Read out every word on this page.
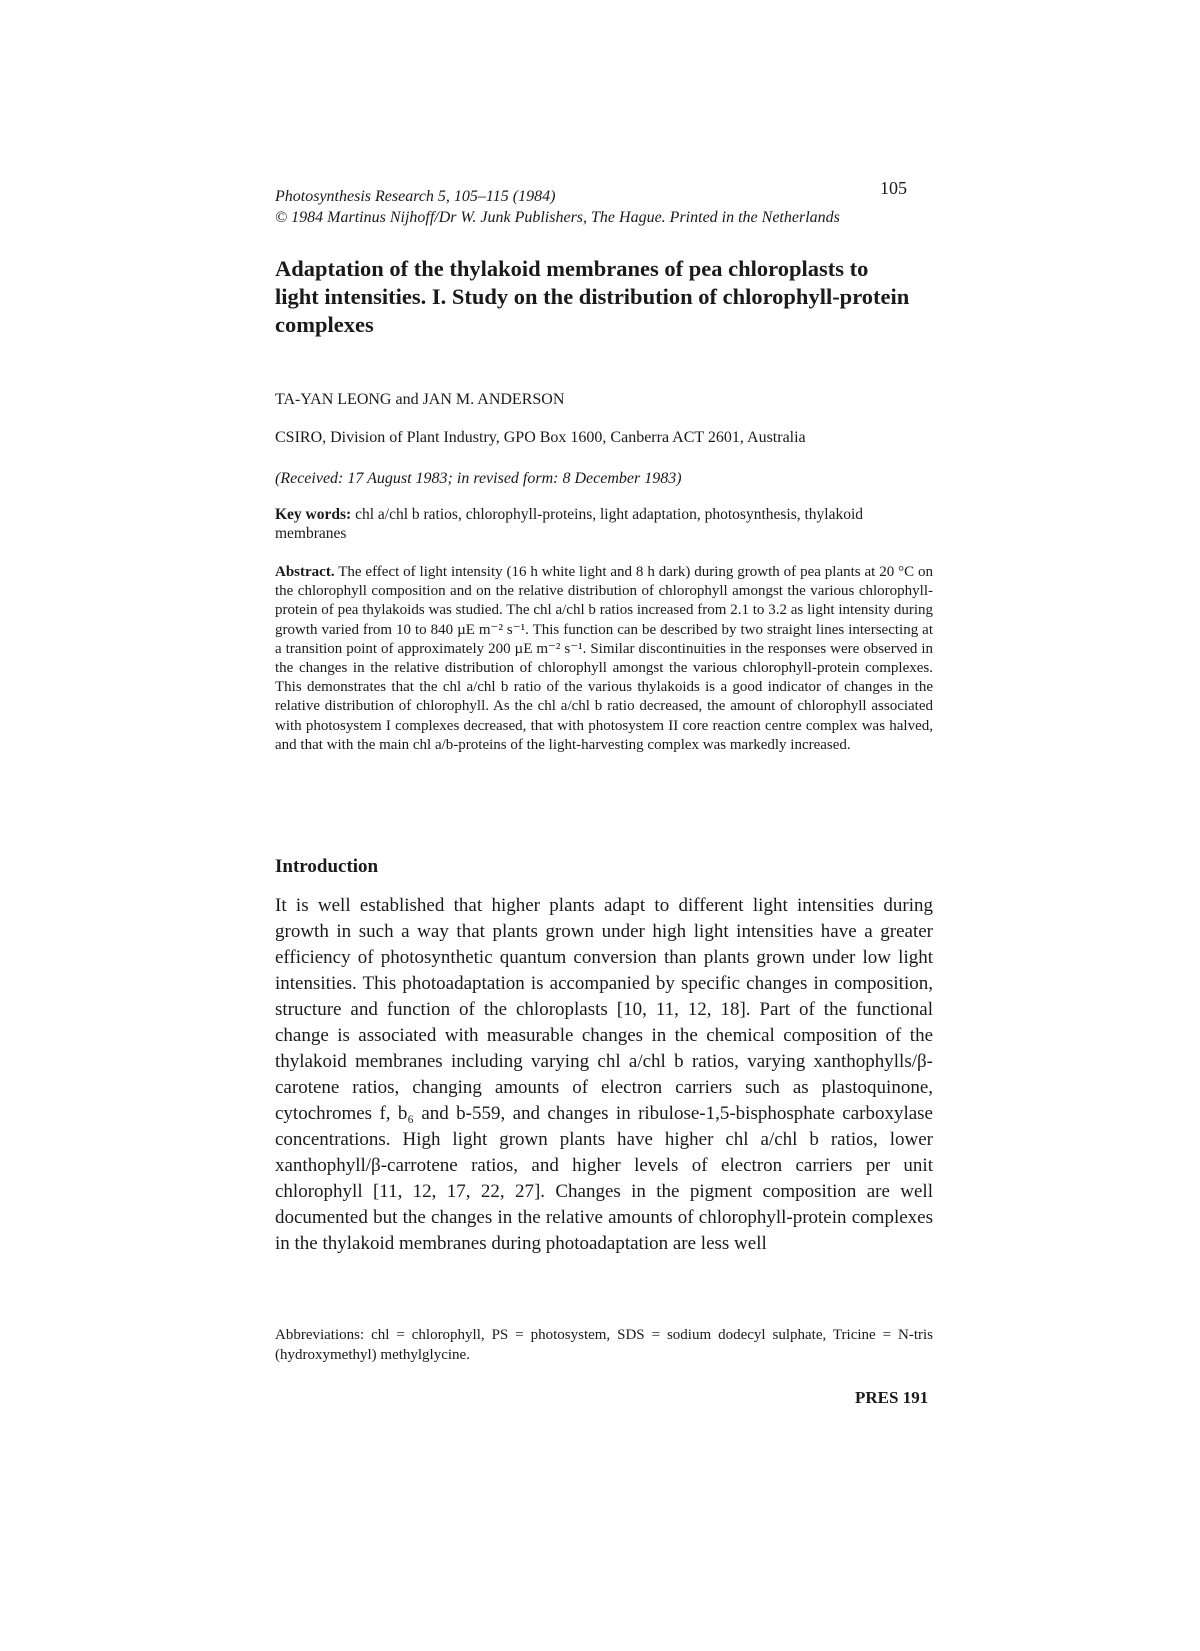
Photosynthesis Research 5, 105–115 (1984)
© 1984 Martinus Nijhoff/Dr W. Junk Publishers, The Hague. Printed in the Netherlands
105
Adaptation of the thylakoid membranes of pea chloroplasts to light intensities. I. Study on the distribution of chlorophyll-protein complexes
TA-YAN LEONG and JAN M. ANDERSON
CSIRO, Division of Plant Industry, GPO Box 1600, Canberra ACT 2601, Australia
(Received: 17 August 1983; in revised form: 8 December 1983)
Key words: chl a/chl b ratios, chlorophyll-proteins, light adaptation, photosynthesis, thylakoid membranes
Abstract. The effect of light intensity (16 h white light and 8 h dark) during growth of pea plants at 20 °C on the chlorophyll composition and on the relative distribution of chlorophyll amongst the various chlorophyll-protein of pea thylakoids was studied. The chl a/chl b ratios increased from 2.1 to 3.2 as light intensity during growth varied from 10 to 840 µE m⁻² s⁻¹. This function can be described by two straight lines intersecting at a transition point of approximately 200 µE m⁻² s⁻¹. Similar discontinuities in the responses were observed in the changes in the relative distribution of chlorophyll amongst the various chlorophyll-protein complexes. This demonstrates that the chl a/chl b ratio of the various thylakoids is a good indicator of changes in the relative distribution of chlorophyll. As the chl a/chl b ratio decreased, the amount of chlorophyll associated with photosystem I complexes decreased, that with photosystem II core reaction centre complex was halved, and that with the main chl a/b-proteins of the light-harvesting complex was markedly increased.
Introduction
It is well established that higher plants adapt to different light intensities during growth in such a way that plants grown under high light intensities have a greater efficiency of photosynthetic quantum conversion than plants grown under low light intensities. This photoadaptation is accompanied by specific changes in composition, structure and function of the chloroplasts [10, 11, 12, 18]. Part of the functional change is associated with measurable changes in the chemical composition of the thylakoid membranes including varying chl a/chl b ratios, varying xanthophylls/β-carotene ratios, changing amounts of electron carriers such as plastoquinone, cytochromes f, b₆ and b-559, and changes in ribulose-1,5-bisphosphate carboxylase concentrations. High light grown plants have higher chl a/chl b ratios, lower xanthophyll/β-carrotene ratios, and higher levels of electron carriers per unit chlorophyll [11, 12, 17, 22, 27]. Changes in the pigment composition are well documented but the changes in the relative amounts of chlorophyll-protein complexes in the thylakoid membranes during photoadaptation are less well
Abbreviations: chl = chlorophyll, PS = photosystem, SDS = sodium dodecyl sulphate, Tricine = N-tris (hydroxymethyl) methylglycine.
PRES 191
